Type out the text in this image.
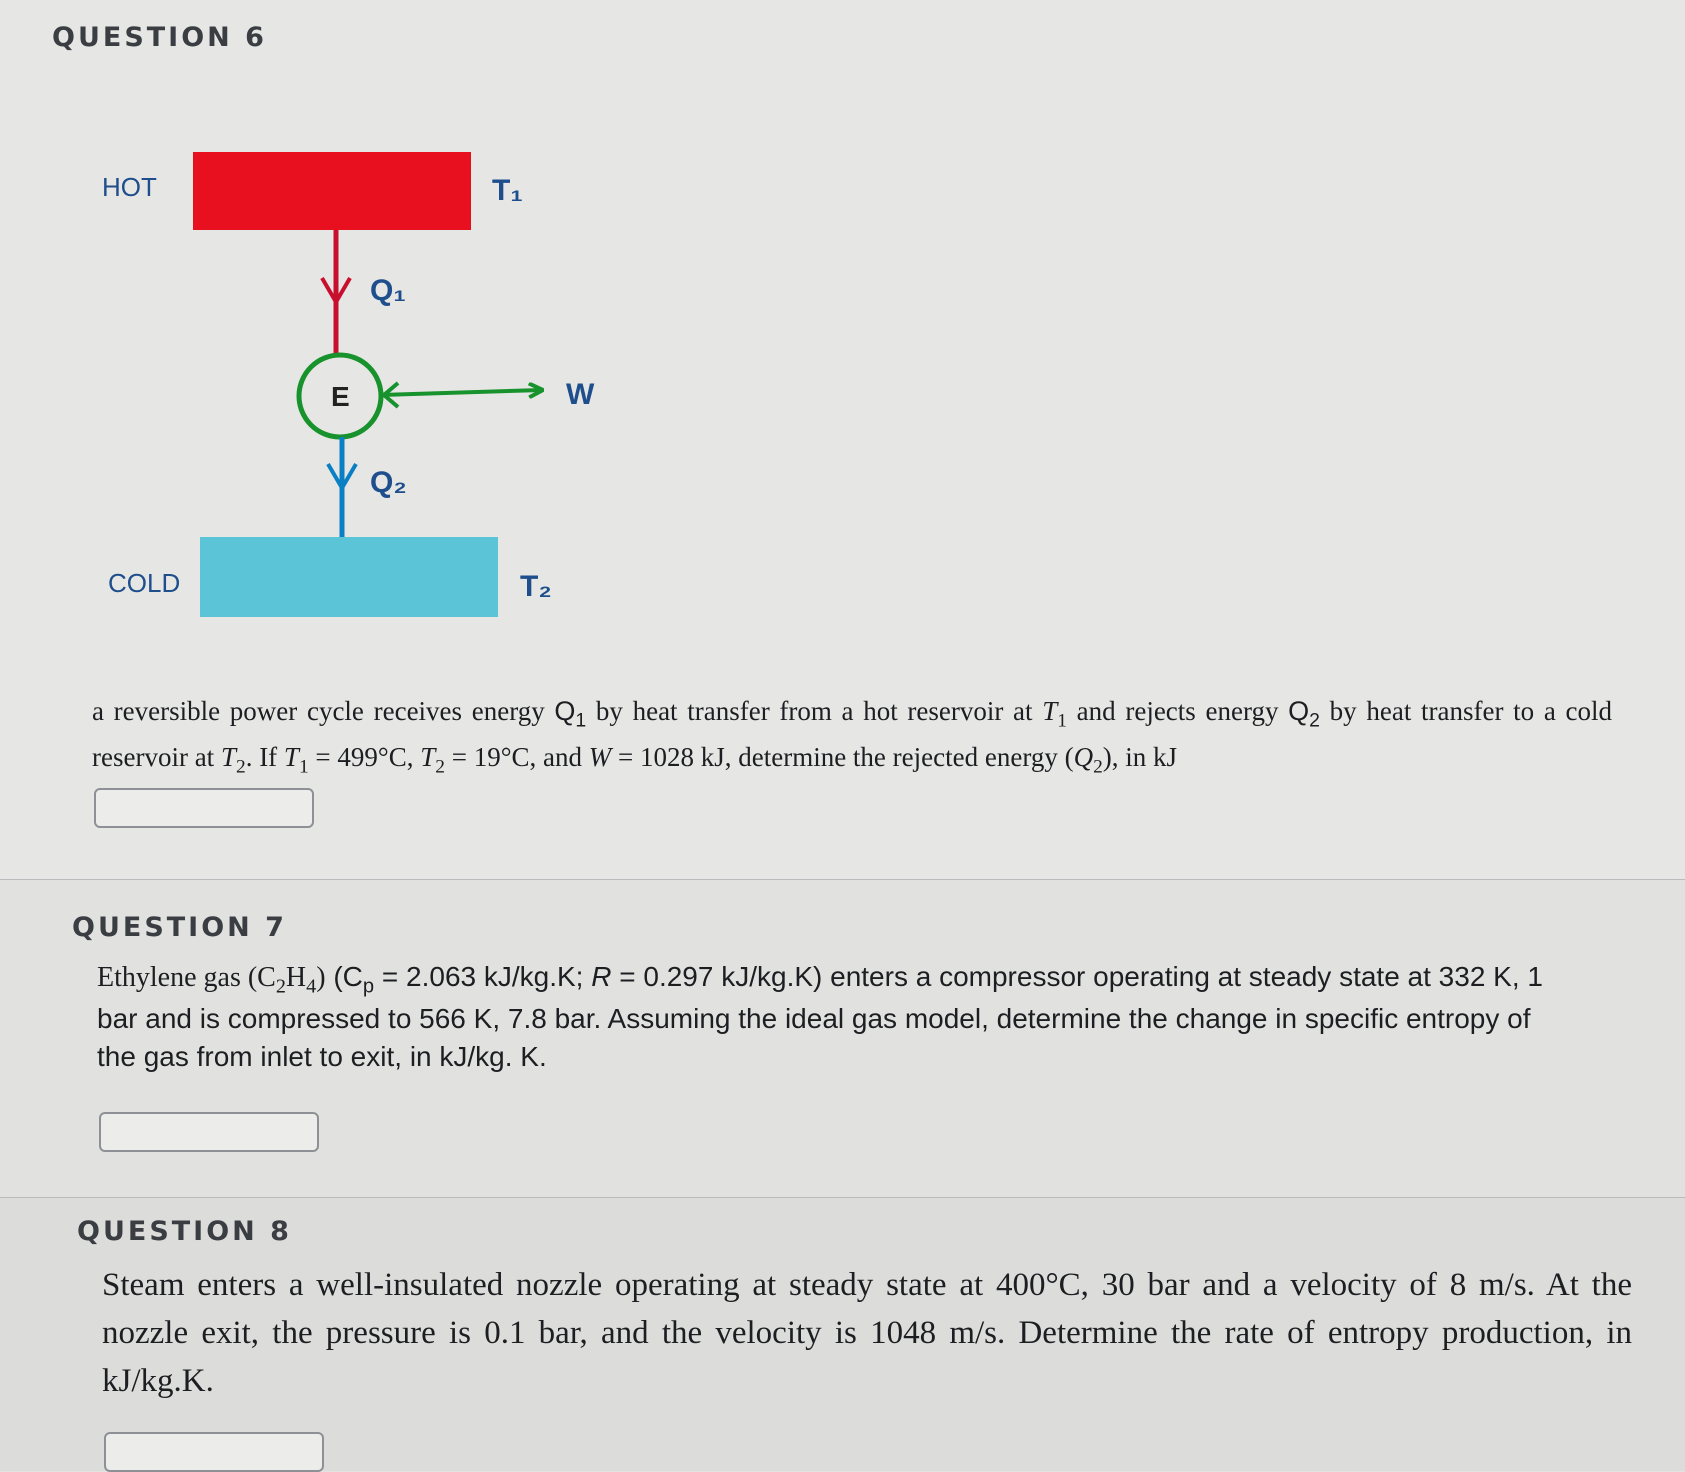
QUESTION 6
HOT	T₁
Q₁
E	W
Q₂
COLD	T₂
a reversible power cycle receives energy $Q_1$ by heat transfer from a hot reservoir at $T_1$ and rejects energy $Q_2$ by heat transfer to a cold reservoir at $T_2$. If $T_1 = 499^\circ C$, $T_2 = 19^\circ C$, and W = 1028 kJ, determine the rejected energy $(Q_2)$, in kJ
QUESTION 7
Ethylene gas $(C_2H_4) (C_p = 2.063$ kJ/kg.K; R = 0.297 kJ/kg.K) enters a compressor operating at steady state at 332 K, 1 bar and is compressed to 566 K, 7.8 bar. Assuming the ideal gas model, determine the change in specific entropy of the gas from inlet to exit, in kJ/kg. K.
QUESTION 8
Steam enters a well-insulated nozzle operating at steady state at 400°C, 30 bar and a velocity of 8 m/s. At the nozzle exit, the pressure is 0.1 bar, and the velocity is 1048 m/s. Determine the rate of entropy production, in kJ/kg.K.
